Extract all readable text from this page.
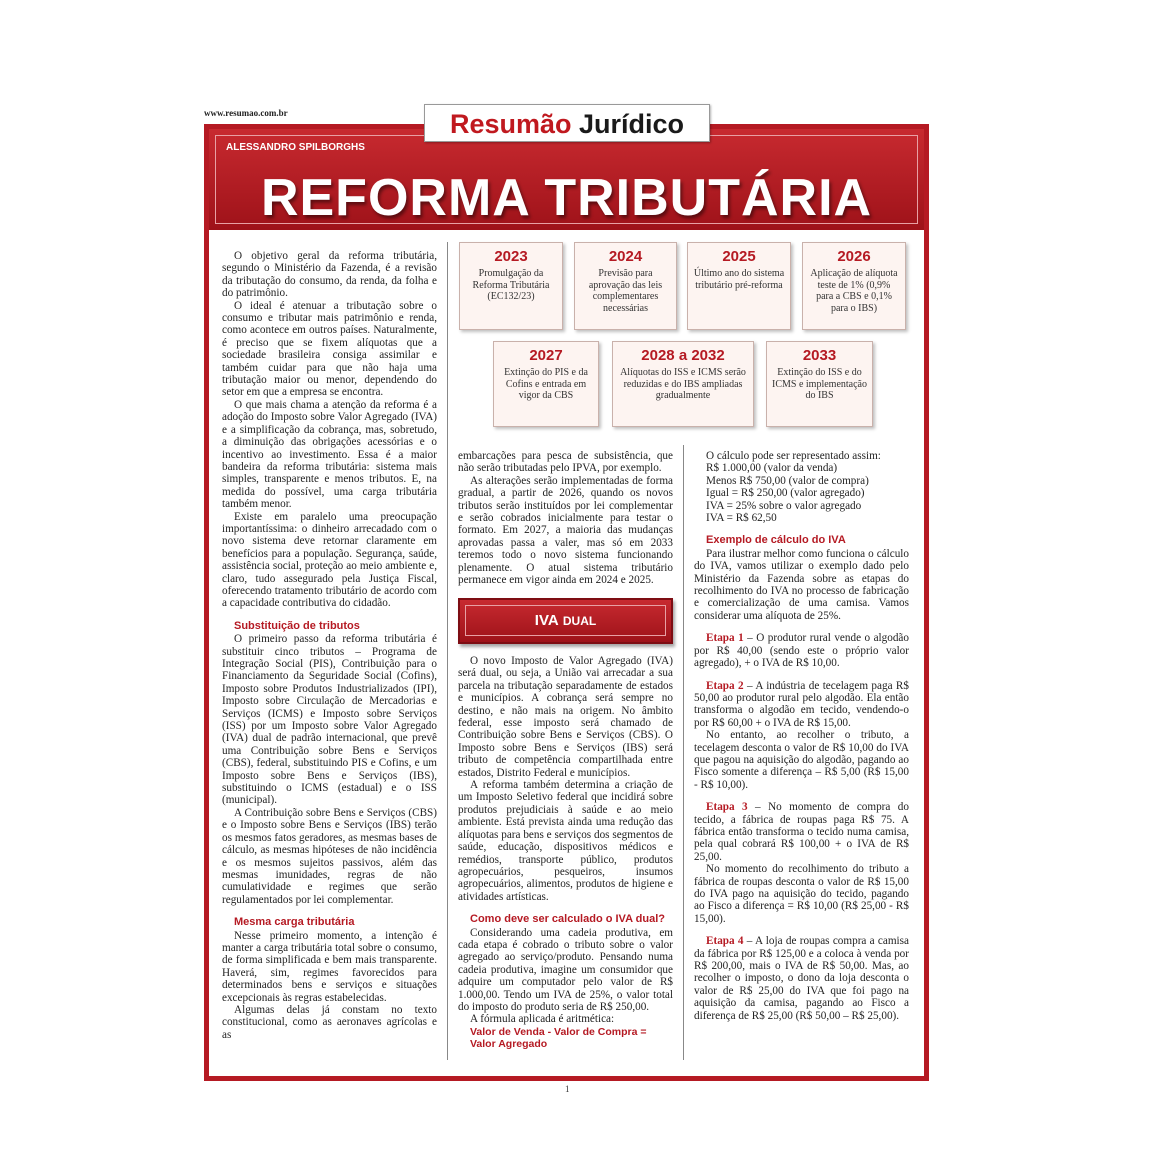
www.resumao.com.br
ALESSANDRO SPILBORGHS
REFORMA TRIBUTÁRIA
Resumão Jurídico
2023
Promulgação da Reforma Tributária (EC132/23)
2024
Previsão para aprovação das leis complementares necessárias
2025
Último ano do sistema tributário pré-reforma
2026
Aplicação de alíquota teste de 1% (0,9% para a CBS e 0,1% para o IBS)
2027
Extinção do PIS e da Cofins e entrada em vigor da CBS
2028 a 2032
Alíquotas do ISS e ICMS serão reduzidas e do IBS ampliadas gradualmente
2033
Extinção do ISS e do ICMS e implementação do IBS

O objetivo geral da reforma tributária, segundo o Ministério da Fazenda, é a revisão da tributação do consumo, da renda, da folha e do patrimônio.

O ideal é atenuar a tributação sobre o consumo e tributar mais patrimônio e renda, como acontece em outros países. Naturalmente, é preciso que se fixem alíquotas que a sociedade brasileira consiga assimilar e também cuidar para que não haja uma tributação maior ou menor, dependendo do setor em que a empresa se encontra.

O que mais chama a atenção da reforma é a adoção do Imposto sobre Valor Agregado (IVA) e a simplificação da cobrança, mas, sobretudo, a diminuição das obrigações acessórias e o incentivo ao investimento. Essa é a maior bandeira da reforma tributária: sistema mais simples, transparente e menos tributos. E, na medida do possível, uma carga tributária também menor.

Existe em paralelo uma preocupação importantíssima: o dinheiro arrecadado com o novo sistema deve retornar claramente em benefícios para a população. Segurança, saúde, assistência social, proteção ao meio ambiente e, claro, tudo assegurado pela Justiça Fiscal, oferecendo tratamento tributário de acordo com a capacidade contributiva do cidadão.

Substituição de tributos

O primeiro passo da reforma tributária é substituir cinco tributos – Programa de Integração Social (PIS), Contribuição para o Financiamento da Seguridade Social (Cofins), Imposto sobre Produtos Industrializados (IPI), Imposto sobre Circulação de Mercadorias e Serviços (ICMS) e Imposto sobre Serviços (ISS) por um Imposto sobre Valor Agregado (IVA) dual de padrão internacional, que prevê uma Contribuição sobre Bens e Serviços (CBS), federal, substituindo PIS e Cofins, e um Imposto sobre Bens e Serviços (IBS), substituindo o ICMS (estadual) e o ISS (municipal).

A Contribuição sobre Bens e Serviços (CBS) e o Imposto sobre Bens e Serviços (IBS) terão os mesmos fatos geradores, as mesmas bases de cálculo, as mesmas hipóteses de não incidência e os mesmos sujeitos passivos, além das mesmas imunidades, regras de não cumulatividade e regimes que serão regulamentados por lei complementar.

Mesma carga tributária

Nesse primeiro momento, a intenção é manter a carga tributária total sobre o consumo, de forma simplificada e bem mais transparente. Haverá, sim, regimes favorecidos para determinados bens e serviços e situações excepcionais às regras estabelecidas.

Algumas delas já constam no texto constitucional, como as aeronaves agrícolas e as

embarcações para pesca de subsistência, que não serão tributadas pelo IPVA, por exemplo.

As alterações serão implementadas de forma gradual, a partir de 2026, quando os novos tributos serão instituídos por lei complementar e serão cobrados inicialmente para testar o formato. Em 2027, a maioria das mudanças aprovadas passa a valer, mas só em 2033 teremos todo o novo sistema funcionando plenamente. O atual sistema tributário permanece em vigor ainda em 2024 e 2025.

IVA DUAL

O novo Imposto de Valor Agregado (IVA) será dual, ou seja, a União vai arrecadar a sua parcela na tributação separadamente de estados e municípios. A cobrança será sempre no destino, e não mais na origem. No âmbito federal, esse imposto será chamado de Contribuição sobre Bens e Serviços (CBS). O Imposto sobre Bens e Serviços (IBS) será tributo de competência compartilhada entre estados, Distrito Federal e municípios.

A reforma também determina a criação de um Imposto Seletivo federal que incidirá sobre produtos prejudiciais à saúde e ao meio ambiente. Está prevista ainda uma redução das alíquotas para bens e serviços dos segmentos de saúde, educação, dispositivos médicos e remédios, transporte público, produtos agropecuários, pesqueiros, insumos agropecuários, alimentos, produtos de higiene e atividades artísticas.

Como deve ser calculado o IVA dual?

Considerando uma cadeia produtiva, em cada etapa é cobrado o tributo sobre o valor agregado ao serviço/produto. Pensando numa cadeia produtiva, imagine um consumidor que adquire um computador pelo valor de R$ 1.000,00. Tendo um IVA de 25%, o valor total do imposto do produto seria de R$ 250,00.

A fórmula aplicada é aritmética:

Valor de Venda - Valor de Compra =
Valor Agregado

O cálculo pode ser representado assim:

R$ 1.000,00 (valor da venda)
Menos R$ 750,00 (valor de compra)
Igual = R$ 250,00 (valor agregado)
IVA = 25% sobre o valor agregado
IVA = R$ 62,50
Exemplo de cálculo do IVA

Para ilustrar melhor como funciona o cálculo do IVA, vamos utilizar o exemplo dado pelo Ministério da Fazenda sobre as etapas do recolhimento do IVA no processo de fabricação e comercialização de uma camisa. Vamos considerar uma alíquota de 25%.

Etapa 1 – O produtor rural vende o algodão por R$ 40,00 (sendo este o próprio valor agregado), + o IVA de R$ 10,00.

Etapa 2 – A indústria de tecelagem paga R$ 50,00 ao produtor rural pelo algodão. Ela então transforma o algodão em tecido, vendendo-o por R$ 60,00 + o IVA de R$ 15,00.

No entanto, ao recolher o tributo, a tecelagem desconta o valor de R$ 10,00 do IVA que pagou na aquisição do algodão, pagando ao Fisco somente a diferença – R$ 5,00 (R$ 15,00 - R$ 10,00).

Etapa 3 – No momento de compra do tecido, a fábrica de roupas paga R$ 75. A fábrica então transforma o tecido numa camisa, pela qual cobrará R$ 100,00 + o IVA de R$ 25,00.

No momento do recolhimento do tributo a fábrica de roupas desconta o valor de R$ 15,00 do IVA pago na aquisição do tecido, pagando ao Fisco a diferença = R$ 10,00 (R$ 25,00 - R$ 15,00).

Etapa 4 – A loja de roupas compra a camisa da fábrica por R$ 125,00 e a coloca à venda por R$ 200,00, mais o IVA de R$ 50,00. Mas, ao recolher o imposto, o dono da loja desconta o valor de R$ 25,00 do IVA que foi pago na aquisição da camisa, pagando ao Fisco a diferença de R$ 25,00 (R$ 50,00 – R$ 25,00).

1
